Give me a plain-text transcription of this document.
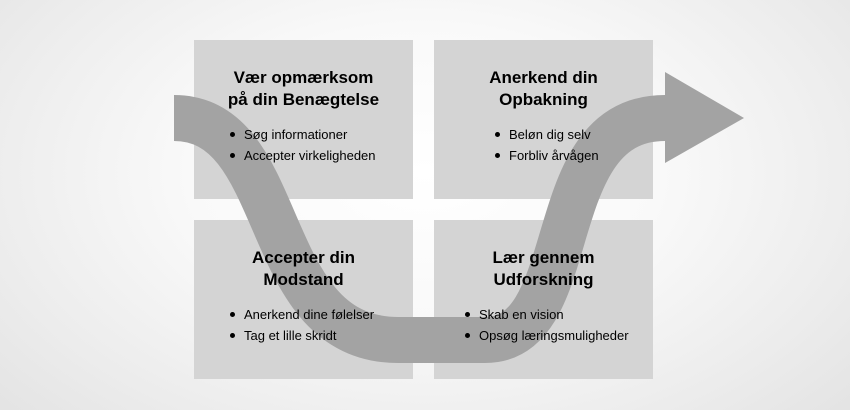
Vær opmærksom

på din Benægtelse

Søg informationer
Accepter virkeligheden

Anerkend din

Opbakning

Beløn dig selv
Forbliv årvågen

Accepter din

Modstand

Anerkend dine følelser
Tag et lille skridt

Lær gennem

Udforskning

Skab en vision
Opsøg læringsmuligheder
